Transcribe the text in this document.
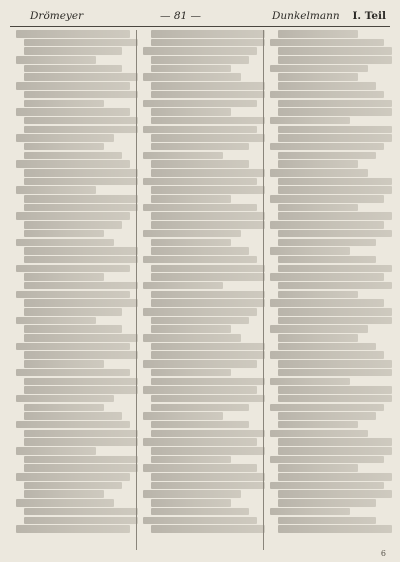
Drömeyer	— 81 —	Dunkelmann I. Teil
6
